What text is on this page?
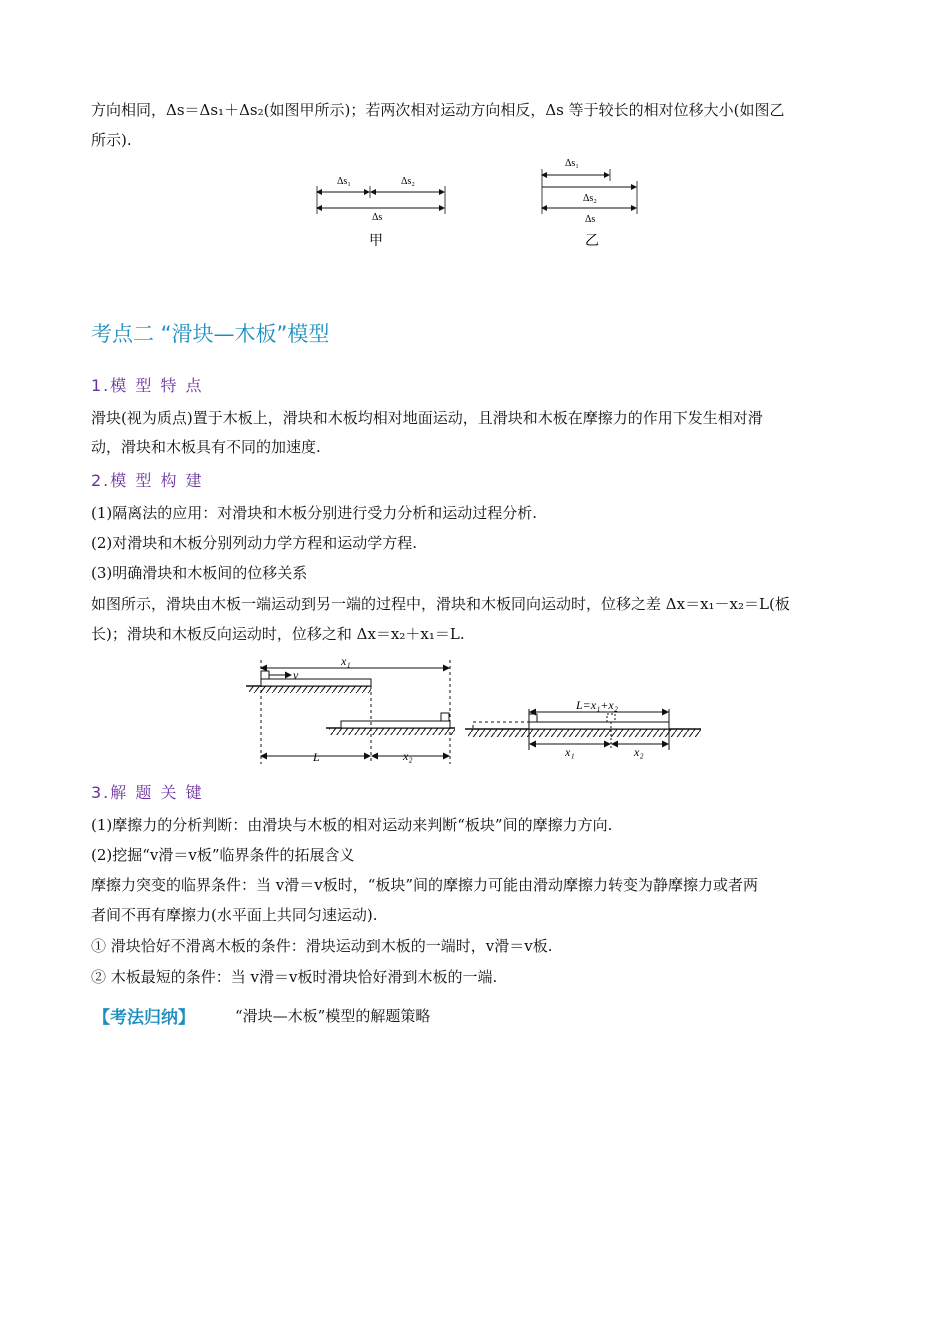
方向相同，Δs＝Δs₁＋Δs₂(如图甲所示)；若两次相对运动方向相反，Δs 等于较长的相对位移大小(如图乙
所示).
Δs₁	Δs₂
Δs
甲
Δs₁
Δs₂
Δs
乙
考点二 “滑块—木板”模型
1.模 型 特 点
滑块(视为质点)置于木板上，滑块和木板均相对地面运动，且滑块和木板在摩擦力的作用下发生相对滑
动，滑块和木板具有不同的加速度.
2.模 型 构 建
(1)隔离法的应用：对滑块和木板分别进行受力分析和运动过程分析.
(2)对滑块和木板分别列动力学方程和运动学方程.
(3)明确滑块和木板间的位移关系
如图所示，滑块由木板一端运动到另一端的过程中，滑块和木板同向运动时，位移之差 Δx＝x₁－x₂＝L(板
长)；滑块和木板反向运动时，位移之和 Δx＝x₂＋x₁＝L.
v
x₁
L	x₂
L=x₁+x₂
x₁	x₂
3.解 题 关 键
(1)摩擦力的分析判断：由滑块与木板的相对运动来判断“板块”间的摩擦力方向.
(2)挖掘“v滑＝v板”临界条件的拓展含义
摩擦力突变的临界条件：当 v滑＝v板时，“板块”间的摩擦力可能由滑动摩擦力转变为静摩擦力或者两
者间不再有摩擦力(水平面上共同匀速运动).
① 滑块恰好不滑离木板的条件：滑块运动到木板的一端时，v滑＝v板.
② 木板最短的条件：当 v滑＝v板时滑块恰好滑到木板的一端.
【考法归纳】	“滑块—木板”模型的解题策略
